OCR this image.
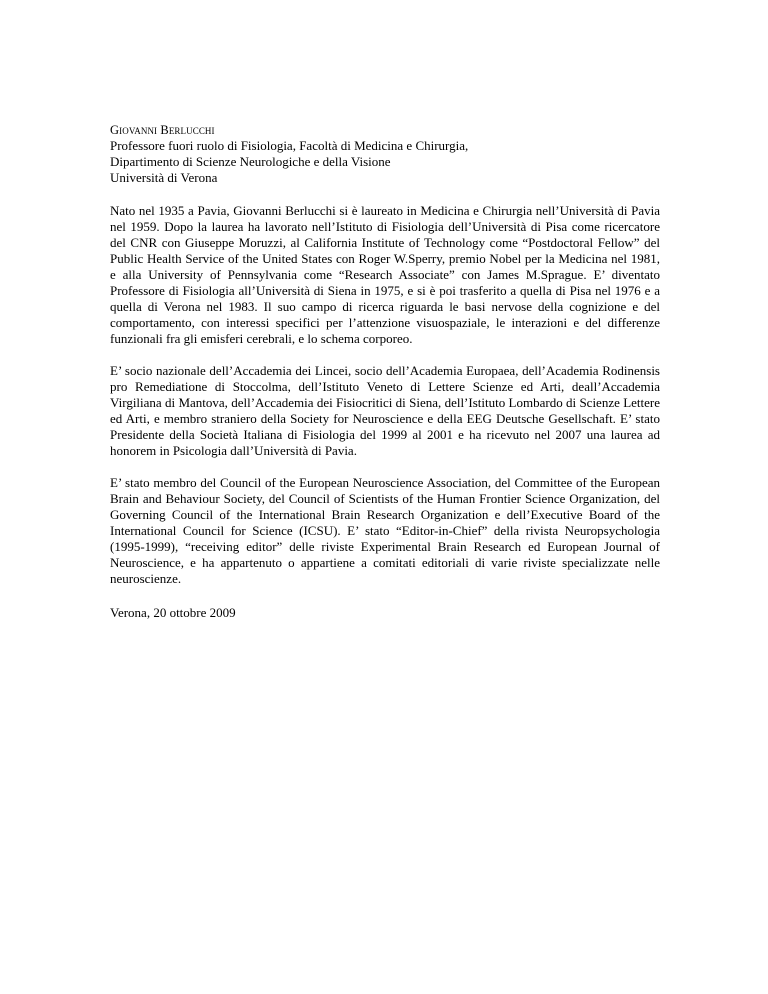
Giovanni Berlucchi
Professore fuori ruolo di Fisiologia, Facoltà di Medicina e Chirurgia,
Dipartimento di Scienze Neurologiche e della Visione
Università di Verona

Nato nel 1935 a Pavia, Giovanni Berlucchi si è laureato in Medicina e Chirurgia nell’Università di Pavia nel 1959. Dopo la laurea ha lavorato nell’Istituto di Fisiologia dell’Università di Pisa come ricercatore del CNR con Giuseppe Moruzzi, al California Institute of Technology come “Postdoctoral Fellow” del Public Health Service of the United States con Roger W.Sperry, premio Nobel per la Medicina nel 1981, e alla University of Pennsylvania come “Research Associate” con James M.Sprague. E’ diventato Professore di Fisiologia all’Università di Siena in 1975, e si è poi trasferito a quella di Pisa nel 1976 e a quella di Verona nel 1983. Il suo campo di ricerca riguarda le basi nervose della cognizione e del comportamento, con interessi specifici per l’attenzione visuospaziale, le interazioni e del differenze funzionali fra gli emisferi cerebrali, e lo schema corporeo.

E’ socio nazionale dell’Accademia dei Lincei, socio dell’Academia Europaea, dell’Academia Rodinensis pro Remediatione di Stoccolma, dell’Istituto Veneto di Lettere Scienze ed Arti, deall’Accademia Virgiliana di Mantova, dell’Accademia dei Fisiocritici di Siena, dell’Istituto Lombardo di Scienze Lettere ed Arti, e membro straniero della Society for Neuroscience e della EEG Deutsche Gesellschaft. E’ stato Presidente della Società Italiana di Fisiologia del 1999 al 2001 e ha ricevuto nel 2007 una laurea ad honorem in Psicologia dall’Università di Pavia.

E’ stato membro del Council of the European Neuroscience Association, del Committee of the European Brain and Behaviour Society, del Council of Scientists of the Human Frontier Science Organization, del Governing Council of the International Brain Research Organization e dell’Executive Board of the International Council for Science (ICSU). E’ stato “Editor-in-Chief” della rivista Neuropsychologia (1995-1999), “receiving editor” delle riviste Experimental Brain Research ed European Journal of Neuroscience, e ha appartenuto o appartiene a comitati editoriali di varie riviste specializzate nelle neuroscienze.

Verona, 20 ottobre 2009
